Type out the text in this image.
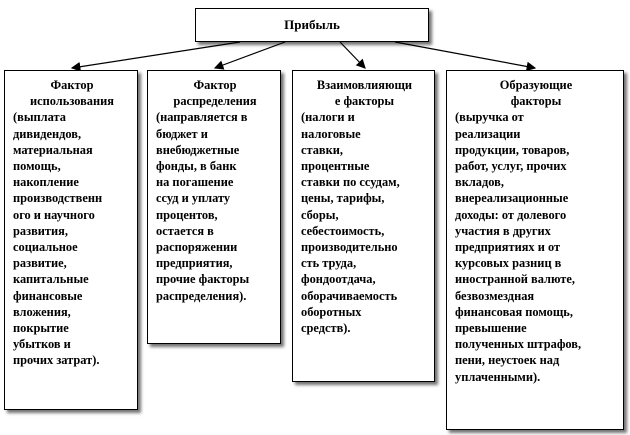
Прибыль
Фактор
использования
(выплата
дивидендов,
материальная
помощь,
накопление
производственн
ого и научного
развития,
социальное
развитие,
капитальные
финансовые
вложения,
покрытие
убытков и
прочих затрат).
Фактор
распределения
(направляется в
бюджет и
внебюджетные
фонды, в банк
на погашение
ссуд и уплату
процентов,
остается в
распоряжении
предприятия,
прочие факторы
распределения).
Взаимовлияющи
е факторы
(налоги и
налоговые
ставки,
процентные
ставки по ссудам,
цены, тарифы,
сборы,
себестоимость,
производительно
сть труда,
фондоотдача,
оборачиваемость
оборотных
средств).
Образующие
факторы
(выручка от
реализации
продукции, товаров,
работ, услуг, прочих
вкладов,
внереализационные
доходы: от долевого
участия в других
предприятиях и от
курсовых разниц в
иностранной валюте,
безвозмездная
финансовая помощь,
превышение
полученных штрафов,
пени, неустоек над
уплаченными).
